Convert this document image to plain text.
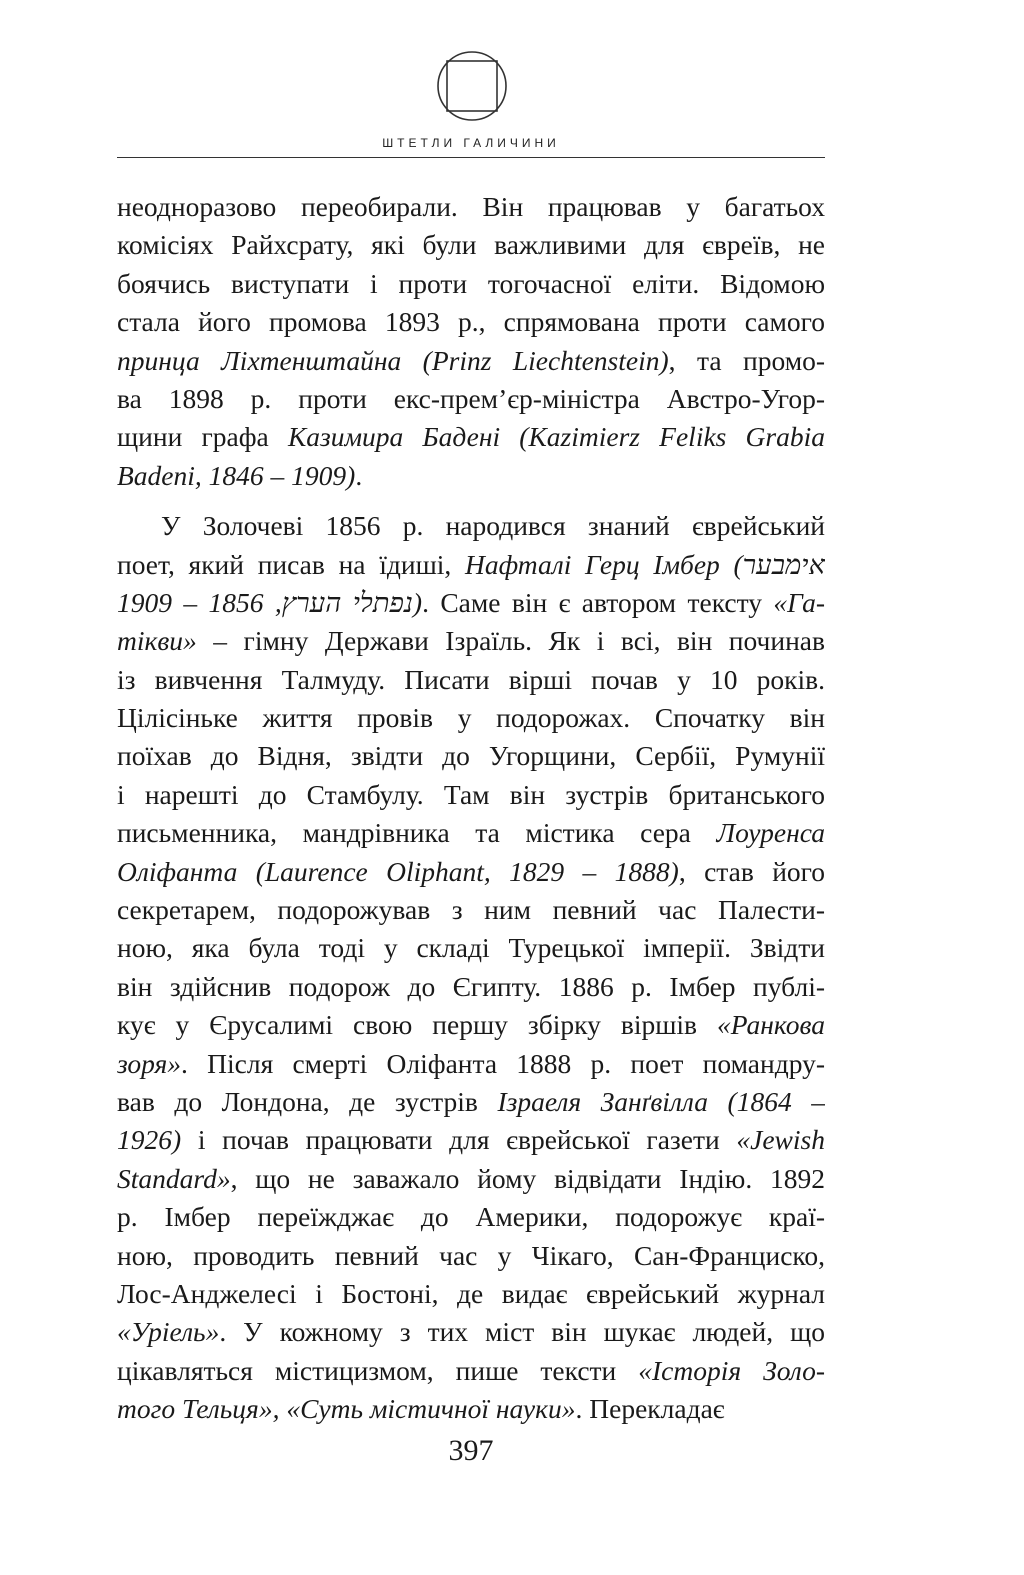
ШТЕТЛИ ГАЛИЧИНИ
неодноразово переобирали. Він працював у багатьох
комісіях Райхсрату, які були важливими для євреїв, не
боячись виступати і проти тогочасної еліти. Відомою
стала його промова 1893 р., спрямована проти самого
принца Ліхтенштайна (Prinz Liechtenstein), та промо-
ва 1898 р. проти екс-прем’єр-міністра Австро-Угор-
щини графа Казимира Бадені (Kazimierz Feliks Grabia
Badeni, 1846 – 1909).
У Золочеві 1856 р. народився знаний єврейський
поет, який писав на їдиші, Нафталі Герц Імбер (אימבער
נפתלי הערץ, 1856 – 1909). Саме він є автором тексту «Га-
тікви» – гімну Держави Ізраїль. Як і всі, він починав
із вивчення Талмуду. Писати вірші почав у 10 років.
Цілісіньке життя провів у подорожах. Спочатку він
поїхав до Відня, звідти до Угорщини, Сербії, Румунії
і нарешті до Стамбулу. Там він зустрів британського
письменника, мандрівника та містика сера Лоуренса
Оліфанта (Laurence Oliphant, 1829 – 1888), став його
секретарем, подорожував з ним певний час Палести-
ною, яка була тоді у складі Турецької імперії. Звідти
він здійснив подорож до Єгипту. 1886 р. Імбер публі-
кує у Єрусалимі свою першу збірку віршів «Ранкова
зоря». Після смерті Оліфанта 1888 р. поет помандру-
вав до Лондона, де зустрів Ізраеля Занґвілла (1864 –
1926) і почав працювати для єврейської газети «Jewish
Standard», що не заважало йому відвідати Індію. 1892
р. Імбер переїжджає до Америки, подорожує краї-
ною, проводить певний час у Чікаго, Сан-Франциско,
Лос-Анджелесі і Бостоні, де видає єврейський журнал
«Уріель». У кожному з тих міст він шукає людей, що
цікавляться містицизмом, пише тексти «Історія Золо-
того Тельця», «Суть містичної науки». Перекладає
397
